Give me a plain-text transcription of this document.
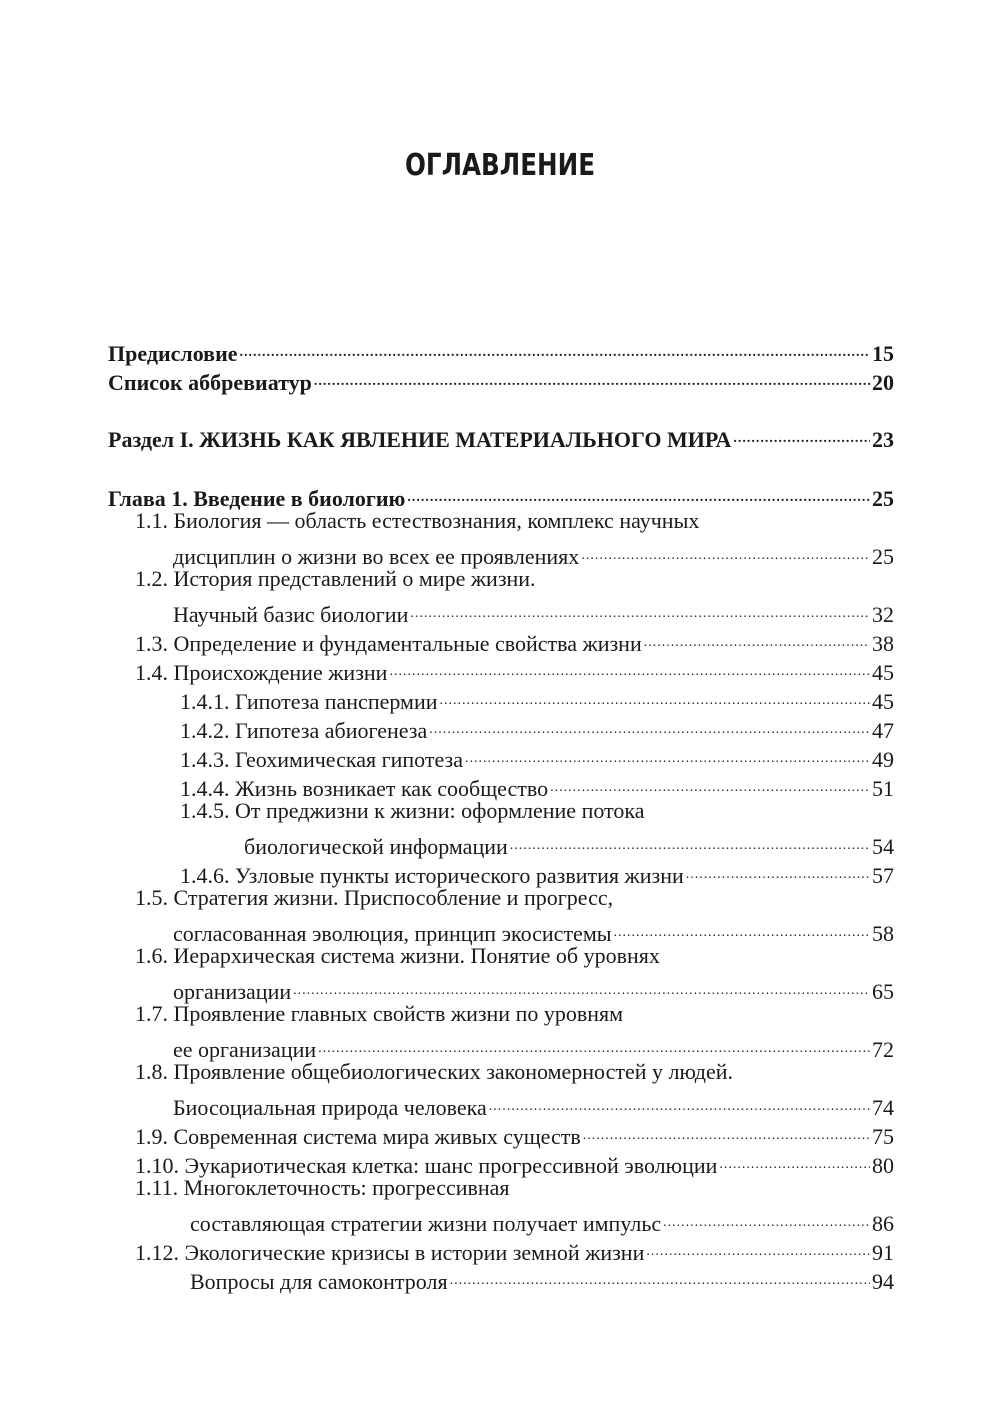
ОГЛАВЛЕНИЕ
Предисловие .....	15
Список аббревиатур .....	20
Раздел I. ЖИЗНЬ КАК ЯВЛЕНИЕ МАТЕРИАЛЬНОГО МИРА .....	23
Глава 1. Введение в биологию .....	25
1.1. Биология — область естествознания, комплекс научных
дисциплин о жизни во всех ее проявлениях .....	25
1.2. История представлений о мире жизни.
Научный базис биологии .....	32
1.3. Определение и фундаментальные свойства жизни .....	38
1.4. Происхождение жизни .....	45
1.4.1. Гипотеза панспермии .....	45
1.4.2. Гипотеза абиогенеза .....	47
1.4.3. Геохимическая гипотеза .....	49
1.4.4. Жизнь возникает как сообщество .....	51
1.4.5. От преджизни к жизни: оформление потока
биологической информации .....	54
1.4.6. Узловые пункты исторического развития жизни .....	57
1.5. Стратегия жизни. Приспособление и прогресс,
согласованная эволюция, принцип экосистемы .....	58
1.6. Иерархическая система жизни. Понятие об уровнях
организации .....	65
1.7. Проявление главных свойств жизни по уровням
ее организации .....	72
1.8. Проявление общебиологических закономерностей у людей.
Биосоциальная природа человека .....	74
1.9. Современная система мира живых существ .....	75
1.10. Эукариотическая клетка: шанс прогрессивной эволюции .....	80
1.11. Многоклеточность: прогрессивная
составляющая стратегии жизни получает импульс .....	86
1.12. Экологические кризисы в истории земной жизни .....	91
Вопросы для самоконтроля .....	94
